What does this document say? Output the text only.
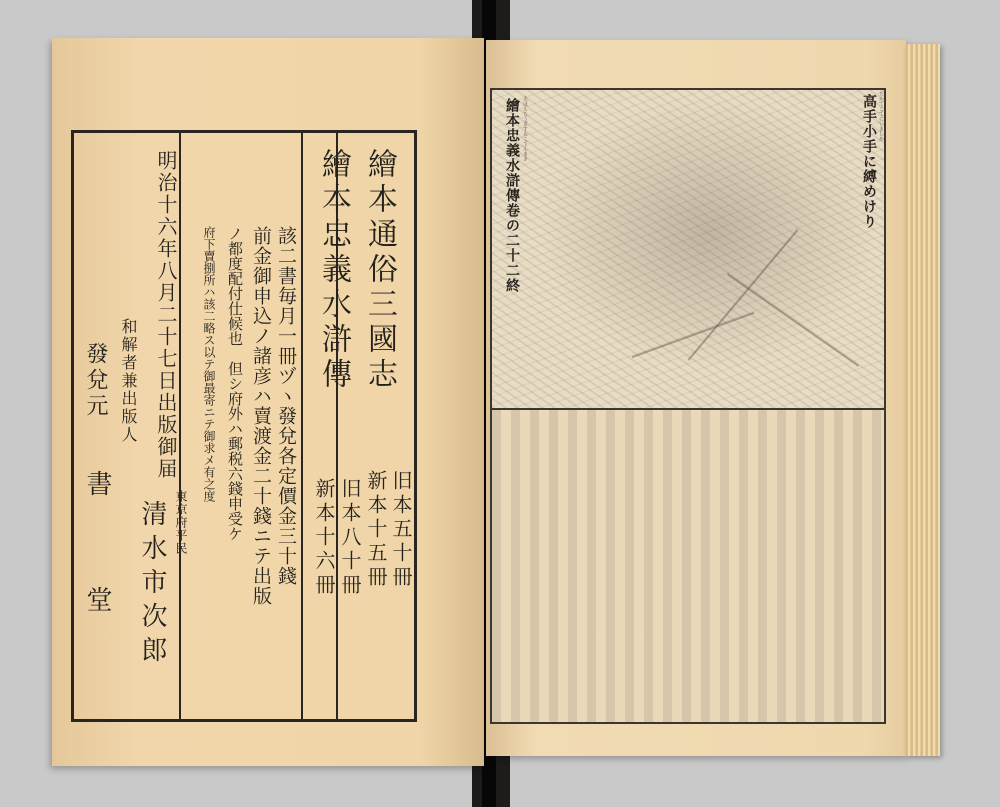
繪本通俗三國志
繪本忠義水滸傳
旧本五十冊
新本十五冊
旧本八十冊
新本十六冊
該二書毎月一冊ヅヽ發兌各定價金三十錢
前金御申込ノ諸彦ハ賣渡金二十錢ニテ出版
ノ都度配付仕候也　但シ府外ハ郵税六錢申受ケ
府下賣捌所ハ該二略ス以テ御最寄ニテ御求メ有之度
明治十六年八月二十七日出版御届
和解者兼出版人
東京府平民
清水市次郎
發兌元
書堂
高手小手に縛めけり たかてこてにいましめ
繪本忠義水滸傳卷の二十二終 ゑほんちうぎすゐこでんまき
